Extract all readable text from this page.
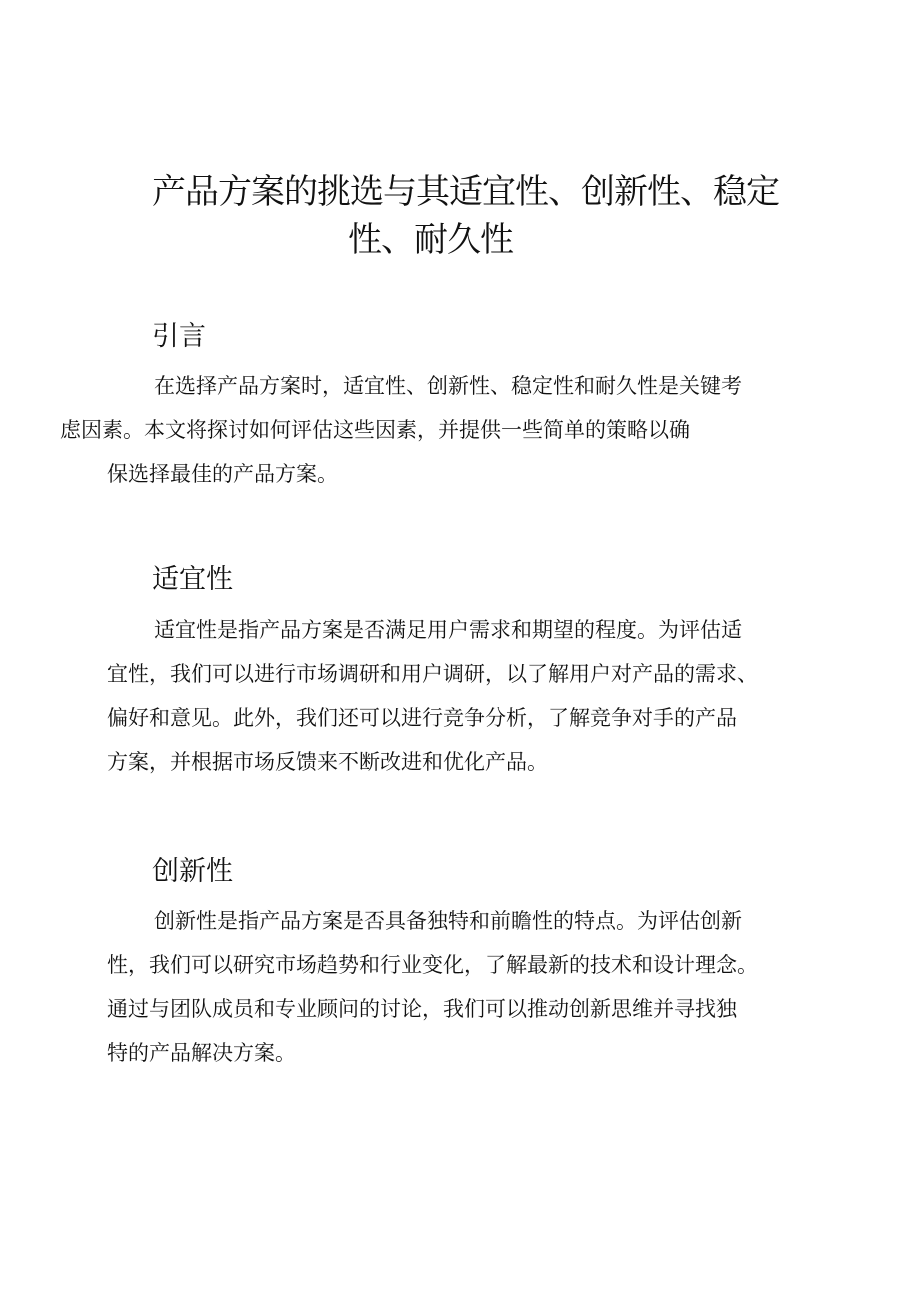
产品方案的挑选与其适宜性、创新性、稳定
性、耐久性
引言

在选择产品方案时，适宜性、创新性、稳定性和耐久性是关键考
虑因素。本文将探讨如何评估这些因素，并提供一些简单的策略以确
保选择最佳的产品方案。

适宜性

适宜性是指产品方案是否满足用户需求和期望的程度。为评估适
宜性，我们可以进行市场调研和用户调研，以了解用户对产品的需求、
偏好和意见。此外，我们还可以进行竞争分析，了解竞争对手的产品
方案，并根据市场反馈来不断改进和优化产品。

创新性

创新性是指产品方案是否具备独特和前瞻性的特点。为评估创新
性，我们可以研究市场趋势和行业变化，了解最新的技术和设计理念。
通过与团队成员和专业顾问的讨论，我们可以推动创新思维并寻找独
特的产品解决方案。
